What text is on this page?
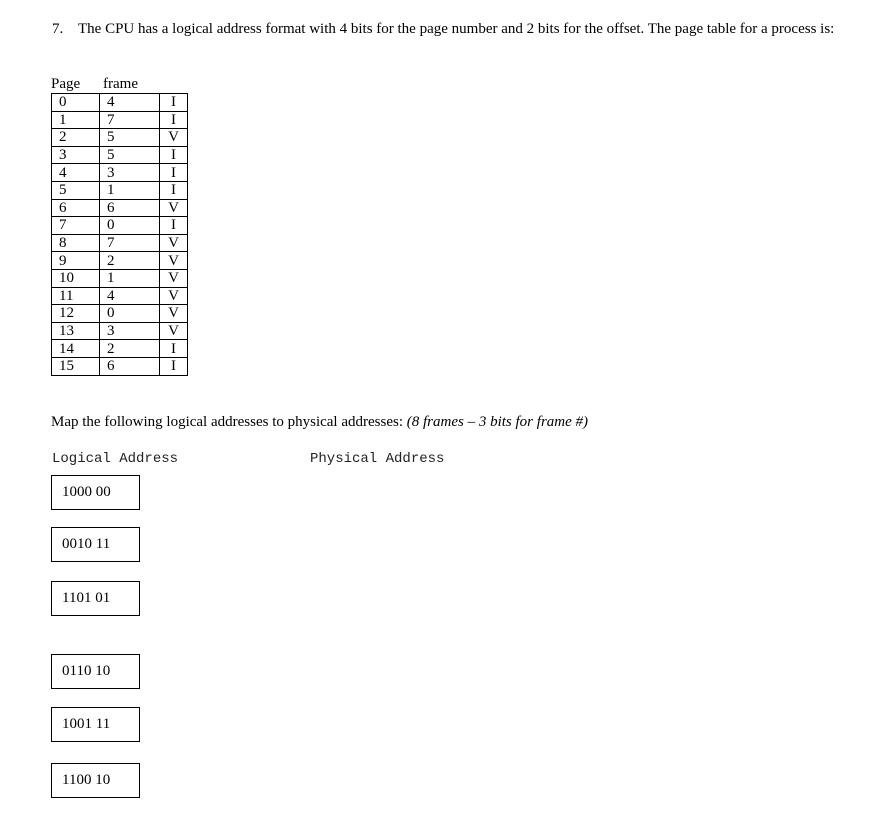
7. The CPU has a logical address format with 4 bits for the page number and 2 bits for the offset. The page table for a process is:
Page frame
0	4	I
1	7	I
2	5	V
3	5	I
4	3	I
5	1	I
6	6	V
7	0	I
8	7	V
9	2	V
10	1	V
11	4	V
12	0	V
13	3	V
14	2	I
15	6	I
Map the following logical addresses to physical addresses: (8 frames – 3 bits for frame #)
Logical Address	Physical Address
1000 00
0010 11
1101 01
0110 10
1001 11
1100 10
